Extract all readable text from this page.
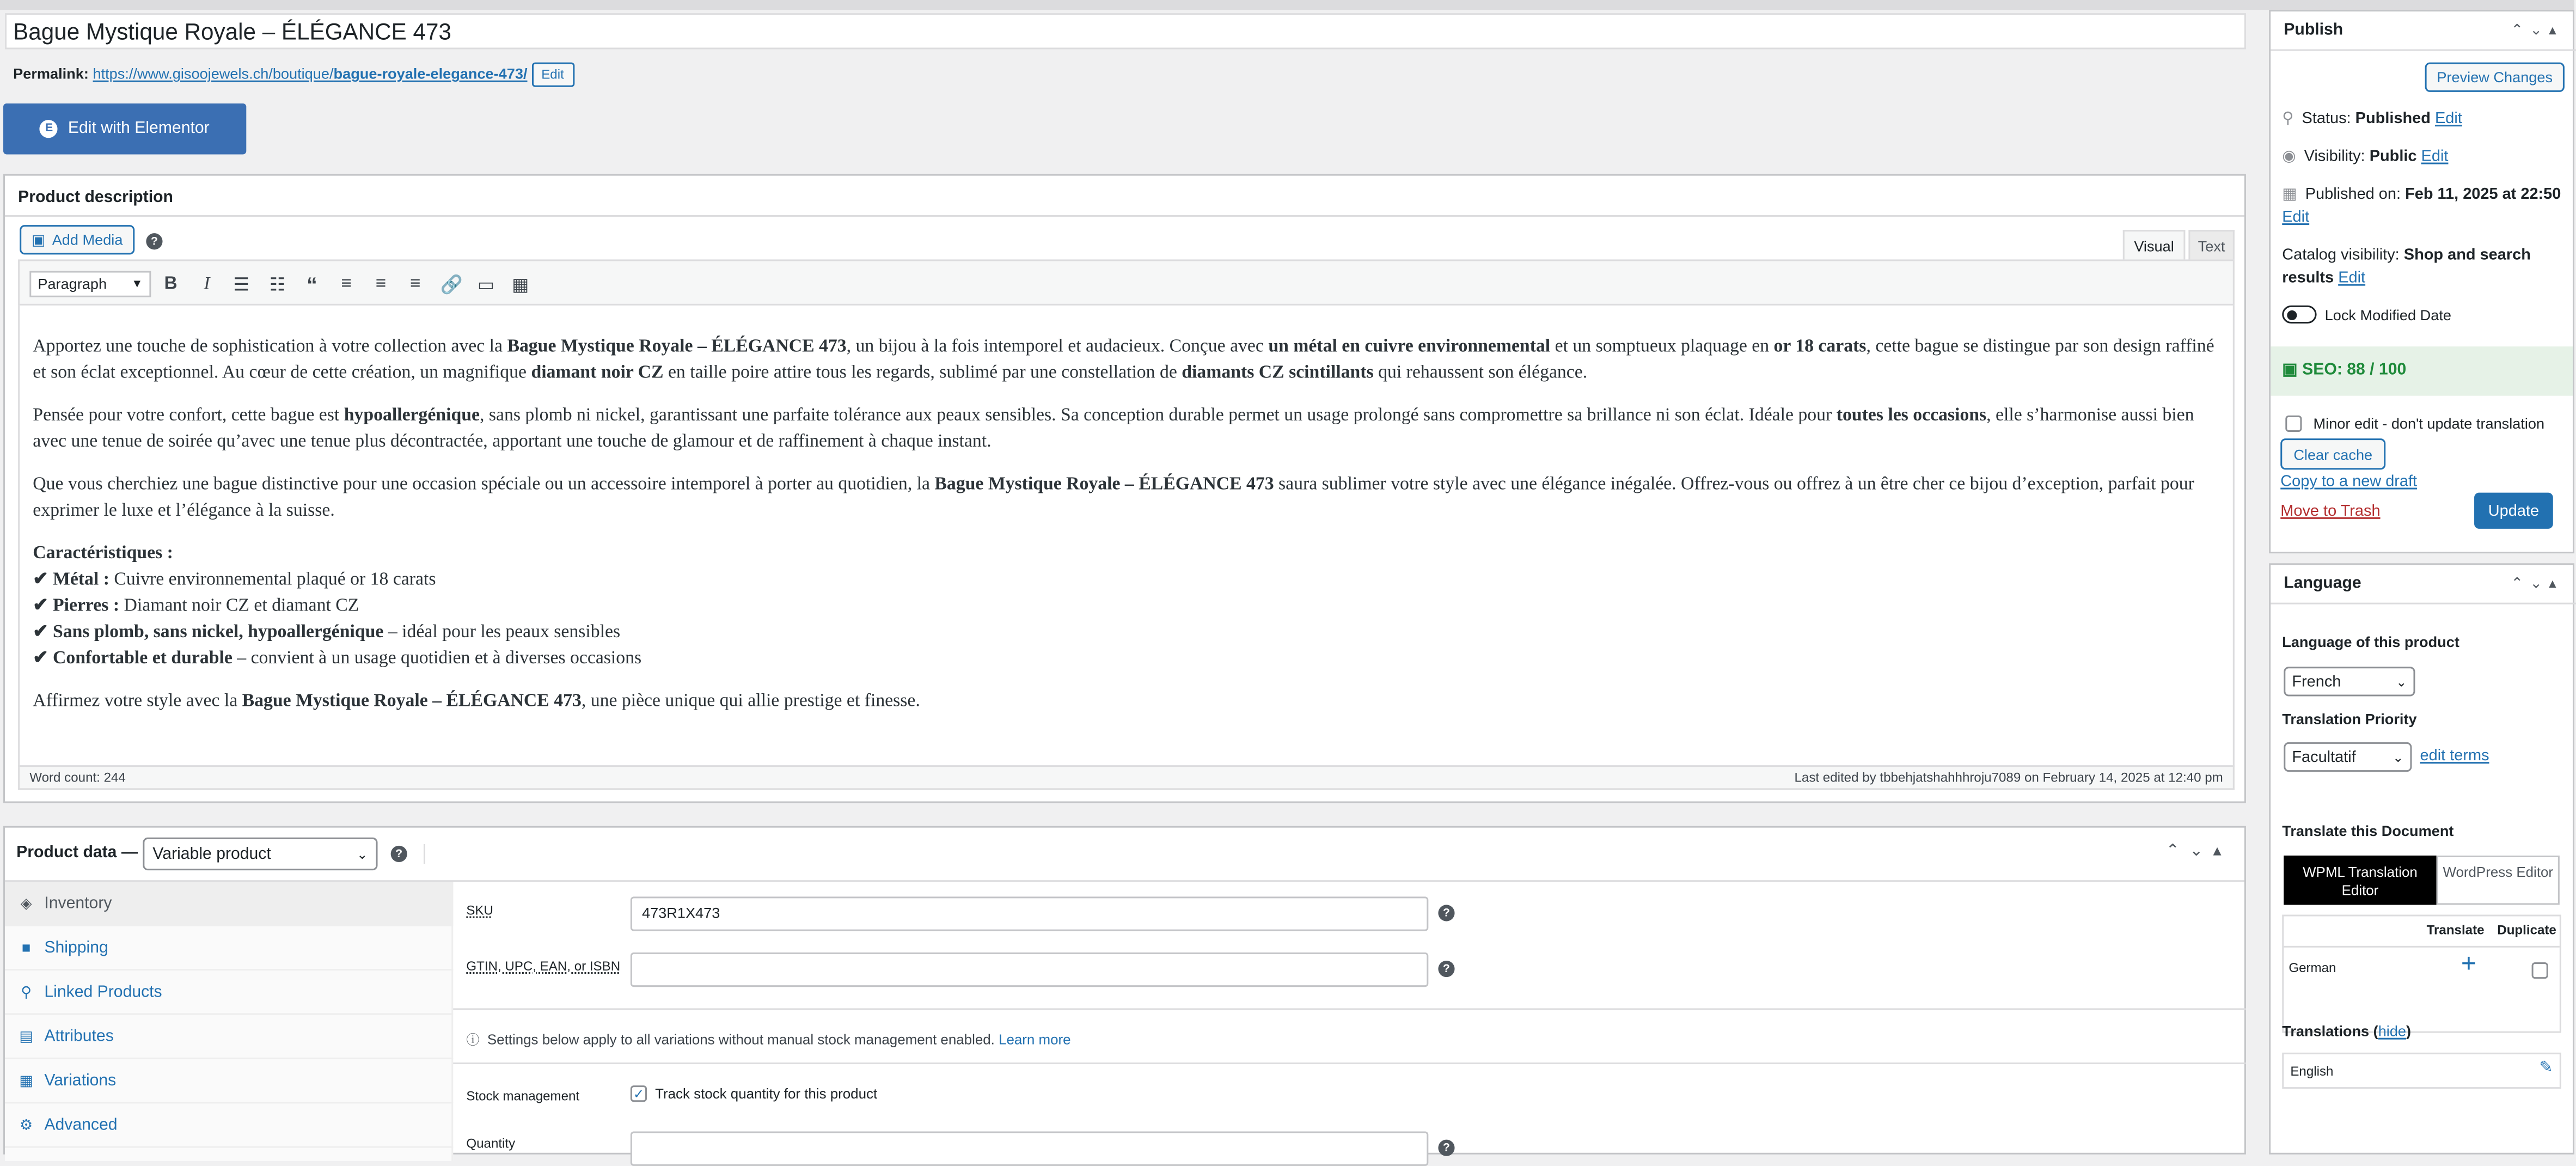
Bague Mystique Royale – ÉLÉGANCE 473
Permalink: https://www.gisoojewels.ch/boutique/bague-royale-elegance-473/	Edit
E	Edit with Elementor
Product description
▣ Add Media	?	Visual	Text
Paragraph	▼	B	I	☰	☷	“	≡	≡	≡	🔗	▭	▦

Apportez une touche de sophistication à votre collection avec la Bague Mystique Royale – ÉLÉGANCE 473, un bijou à la fois intemporel et audacieux. Conçue avec un métal en cuivre environnemental et un somptueux plaquage en or 18 carats, cette bague se distingue par son design raffiné et son éclat exceptionnel. Au cœur de cette création, un magnifique diamant noir CZ en taille poire attire tous les regards, sublimé par une constellation de diamants CZ scintillants qui rehaussent son élégance.

Pensée pour votre confort, cette bague est hypoallergénique, sans plomb ni nickel, garantissant une parfaite tolérance aux peaux sensibles. Sa conception durable permet un usage prolongé sans compromettre sa brillance ni son éclat. Idéale pour toutes les occasions, elle s’harmonise aussi bien avec une tenue de soirée qu’avec une tenue plus décontractée, apportant une touche de glamour et de raffinement à chaque instant.

Que vous cherchiez une bague distinctive pour une occasion spéciale ou un accessoire intemporel à porter au quotidien, la Bague Mystique Royale – ÉLÉGANCE 473 saura sublimer votre style avec une élégance inégalée. Offrez-vous ou offrez à un être cher ce bijou d’exception, parfait pour exprimer le luxe et l’élégance à la suisse.

Caractéristiques :
✔ Métal : Cuivre environnemental plaqué or 18 carats
✔ Pierres : Diamant noir CZ et diamant CZ
✔ Sans plomb, sans nickel, hypoallergénique – idéal pour les peaux sensibles
✔ Confortable et durable – convient à un usage quotidien et à diverses occasions

Affirmez votre style avec la Bague Mystique Royale – ÉLÉGANCE 473, une pièce unique qui allie prestige et finesse.

Word count: 244	Last edited by tbbehjatshahhhroju7089 on February 14, 2025 at 12:40 pm
Product data —	Variable product	⌄	?	⌃⌄▴
◈	Inventory
■	Shipping
⚲	Linked Products
▤ Attributes
▦ Variations
⚙ Advanced
SKU	473R1X473	?
GTIN, UPC, EAN, or ISBN	?
ⓘ Settings below apply to all variations without manual stock management enabled. Learn more
Stock management	✓	Track stock quantity for this product
Quantity	?
Publish	⌃⌄▴
Preview Changes
⚲ Status: Published Edit
◉ Visibility: Public Edit
▦ Published on: Feb 11, 2025 at 22:50 Edit
Catalog visibility: Shop and search results Edit
Lock Modified Date
▣ SEO: 88 / 100
Minor edit - don't update translation
Clear cache
Copy to a new draft
Move to Trash	Update
Language	⌃⌄▴
Language of this product
French	⌄
Translation Priority
Facultatif	⌄	edit terms
Translate this Document
WPML Translation Editor
WordPress Editor
Translate	Duplicate
German	+
Translations (hide)
English	✎
